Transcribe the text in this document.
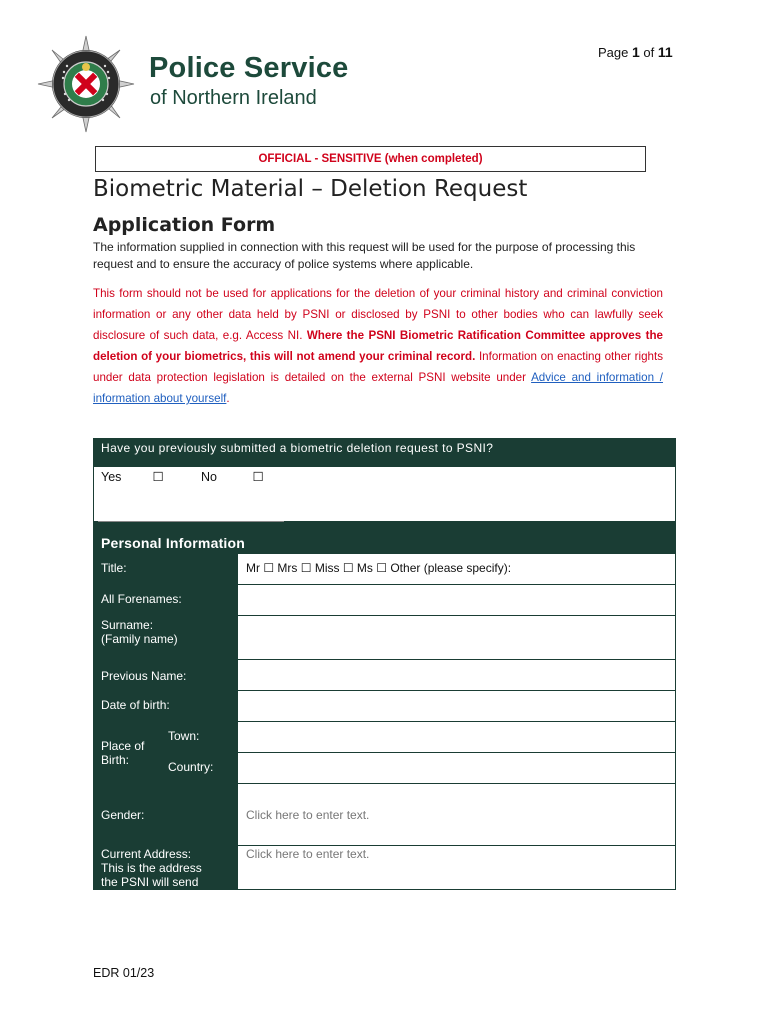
Police Service
of Northern Ireland
Page 1 of 11
OFFICIAL - SENSITIVE (when completed)
Biometric Material – Deletion Request
Application Form
The information supplied in connection with this request will be used for the purpose of processing this request and to ensure the accuracy of police systems where applicable.
This form should not be used for applications for the deletion of your criminal history and criminal conviction information or any other data held by PSNI or disclosed by PSNI to other bodies who can lawfully seek disclosure of such data, e.g. Access NI. Where the PSNI Biometric Ratification Committee approves the deletion of your biometrics, this will not amend your criminal record. Information on enacting other rights under data protection legislation is detailed on the external PSNI website under Advice and information / information about yourself.
Have you previously submitted a biometric deletion request to PSNI?
Yes ☐	No	☐
Personal Information
Title:		Mr ☐ Mrs ☐ Miss ☐ Ms ☐ Other (please specify):
All Forenames:		

Surname:
(Family name)		

Previous Name:		
Date of birth:		

Place of
Birth:	Town:	
	Country:	
Gender:		Click here to enter text.

Current Address:
This is the address
the PSNI will send		Click here to enter text.
EDR 01/23
